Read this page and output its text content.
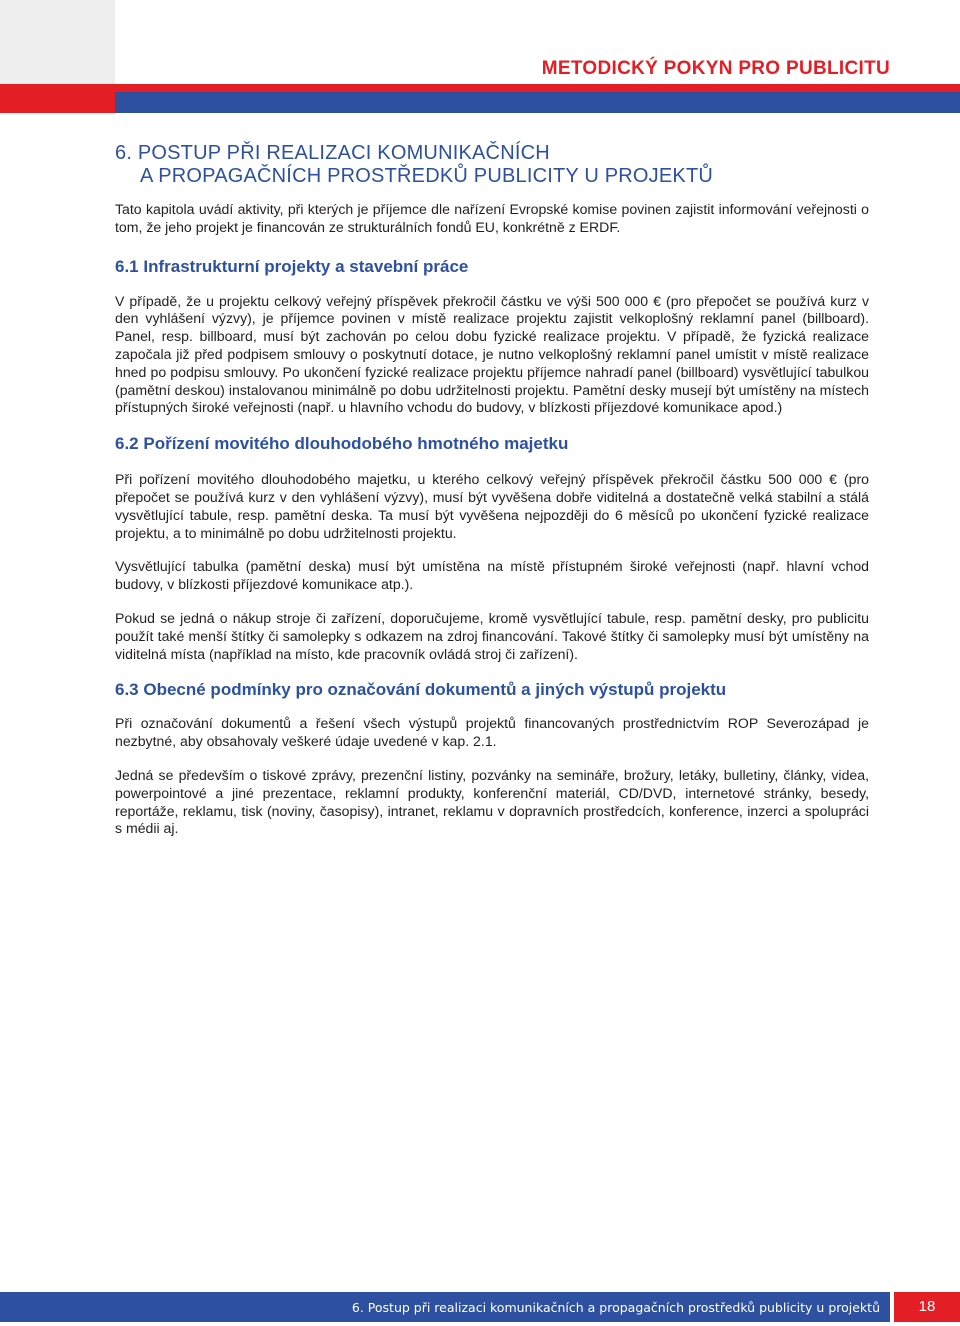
METODICKÝ POKYN PRO PUBLICITU
6. POSTUP PŘI REALIZACI KOMUNIKAČNÍCH
A PROPAGAČNÍCH PROSTŘEDKŮ PUBLICITY U PROJEKTŮ

Tato kapitola uvádí aktivity, při kterých je příjemce dle nařízení Evropské komise povinen zajistit informování veřejnosti o tom, že jeho projekt je financován ze strukturálních fondů EU, konkrétně z ERDF.

6.1 Infrastrukturní projekty a stavební práce

V případě, že u projektu celkový veřejný příspěvek překročil částku ve výši 500 000 € (pro přepočet se používá kurz v den vyhlášení výzvy), je příjemce povinen v místě realizace projektu zajistit velkoplošný reklamní panel (billboard). Panel, resp. billboard, musí být zachován po celou dobu fyzické realizace projektu. V případě, že fyzická realizace započala již před podpisem smlouvy o poskytnutí dotace, je nutno velkoplošný reklamní panel umístit v místě realizace hned po podpisu smlouvy. Po ukončení fyzické realizace projektu příjemce nahradí panel (billboard) vysvětlující tabulkou (pamětní deskou) instalovanou minimálně po dobu udržitelnosti projektu. Pamětní desky musejí být umístěny na místech přístupných široké veřejnosti (např. u hlavního vchodu do budovy, v blízkosti příjezdové komunikace apod.)

6.2 Pořízení movitého dlouhodobého hmotného majetku

Při pořízení movitého dlouhodobého majetku, u kterého celkový veřejný příspěvek překročil částku 500 000 € (pro přepočet se používá kurz v den vyhlášení výzvy), musí být vyvěšena dobře viditelná a dostatečně velká stabilní a stálá vysvětlující tabule, resp. pamětní deska. Ta musí být vyvěšena nejpozději do 6 měsíců po ukončení fyzické realizace projektu, a to minimálně po dobu udržitelnosti projektu.

Vysvětlující tabulka (pamětní deska) musí být umístěna na místě přístupném široké veřejnosti (např. hlavní vchod budovy, v blízkosti příjezdové komunikace atp.).

Pokud se jedná o nákup stroje či zařízení, doporučujeme, kromě vysvětlující tabule, resp. pamětní desky, pro publicitu použít také menší štítky či samolepky s odkazem na zdroj financování. Takové štítky či samolepky musí být umístěny na viditelná místa (například na místo, kde pracovník ovládá stroj či zařízení).

6.3 Obecné podmínky pro označování dokumentů a jiných výstupů projektu

Při označování dokumentů a řešení všech výstupů projektů financovaných prostřednictvím ROP Severozápad je nezbytné, aby obsahovaly veškeré údaje uvedené v kap. 2.1.

Jedná se především o tiskové zprávy, prezenční listiny, pozvánky na semináře, brožury, letáky, bulletiny, články, videa, powerpointové a jiné prezentace, reklamní produkty, konferenční materiál, CD/DVD, internetové stránky, besedy, reportáže, reklamu, tisk (noviny, časopisy), intranet, reklamu v dopravních prostředcích, konference, inzerci a spolupráci s médii aj.

6. Postup při realizaci komunikačních a propagačních prostředků publicity u projektů	18
